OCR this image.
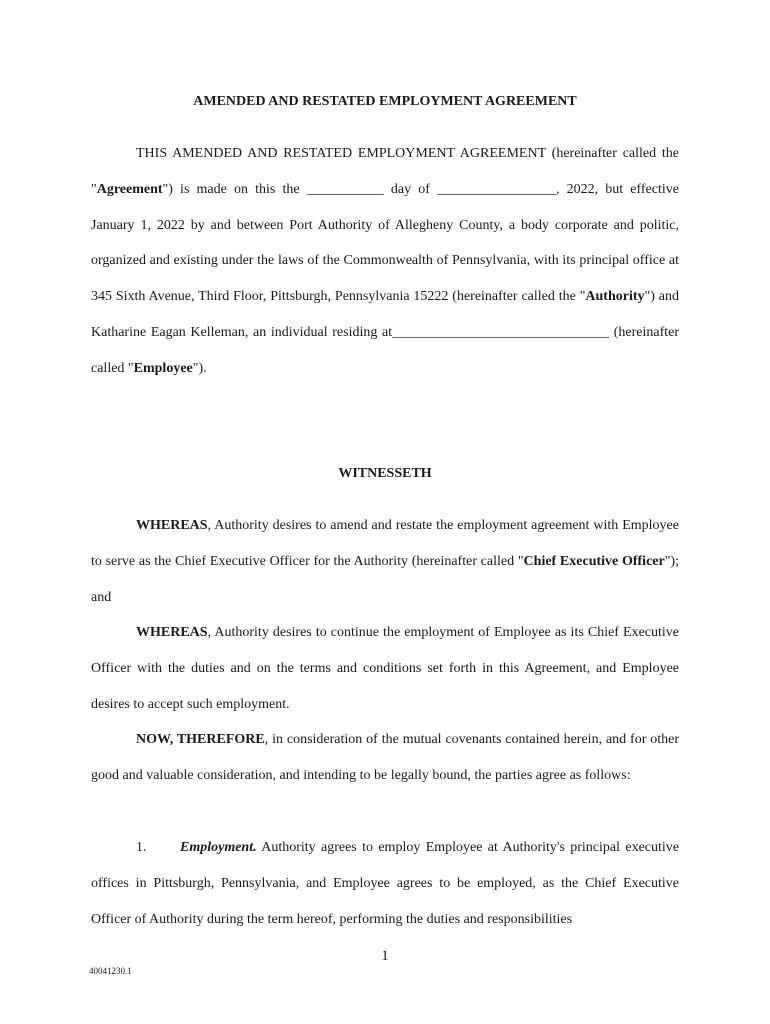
AMENDED AND RESTATED EMPLOYMENT AGREEMENT

THIS AMENDED AND RESTATED EMPLOYMENT AGREEMENT (hereinafter called the "Agreement") is made on this the ___________ day of _________________, 2022, but effective January 1, 2022 by and between Port Authority of Allegheny County, a body corporate and politic, organized and existing under the laws of the Commonwealth of Pennsylvania, with its principal office at 345 Sixth Avenue, Third Floor, Pittsburgh, Pennsylvania 15222 (hereinafter called the "Authority") and Katharine Eagan Kelleman, an individual residing at_______________________________ (hereinafter called "Employee").

WITNESSETH

WHEREAS, Authority desires to amend and restate the employment agreement with Employee to serve as the Chief Executive Officer for the Authority (hereinafter called "Chief Executive Officer"); and

WHEREAS, Authority desires to continue the employment of Employee as its Chief Executive Officer with the duties and on the terms and conditions set forth in this Agreement, and Employee desires to accept such employment.

NOW, THEREFORE, in consideration of the mutual covenants contained herein, and for other good and valuable consideration, and intending to be legally bound, the parties agree as follows:

1. Employment. Authority agrees to employ Employee at Authority's principal executive offices in Pittsburgh, Pennsylvania, and Employee agrees to be employed, as the Chief Executive Officer of Authority during the term hereof, performing the duties and responsibilities

1
40041230.1
